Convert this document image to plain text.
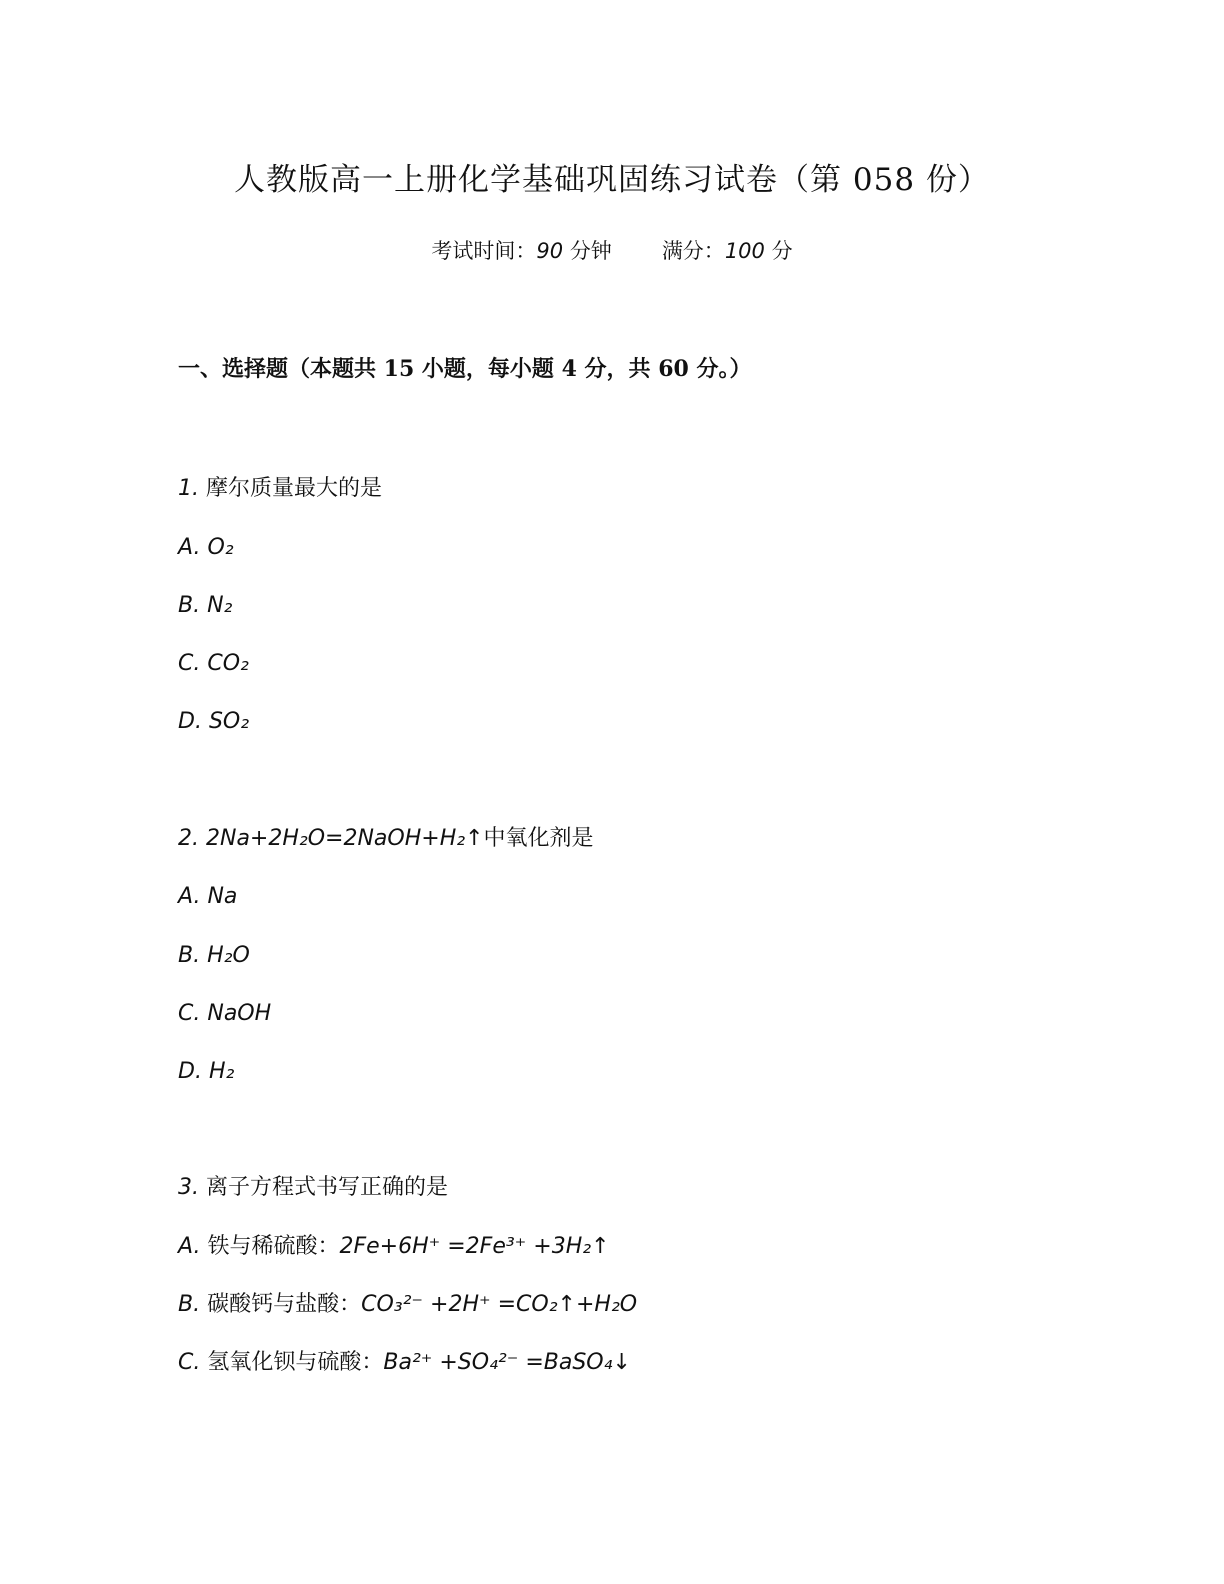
人教版高一上册化学基础巩固练习试卷（第 058 份）
考试时间：90 分钟 满分：100 分
一、选择题（本题共 15 小题，每小题 4 分，共 60 分。）
1. 摩尔质量最大的是
A. O₂
B. N₂
C. CO₂
D. SO₂
2. 2Na+2H₂O=2NaOH+H₂↑中氧化剂是
A. Na
B. H₂O
C. NaOH
D. H₂
3. 离子方程式书写正确的是
A. 铁与稀硫酸：2Fe+6H⁺ =2Fe³⁺ +3H₂↑
B. 碳酸钙与盐酸：CO₃²⁻ +2H⁺ =CO₂↑+H₂O
C. 氢氧化钡与硫酸：Ba²⁺ +SO₄²⁻ =BaSO₄↓
